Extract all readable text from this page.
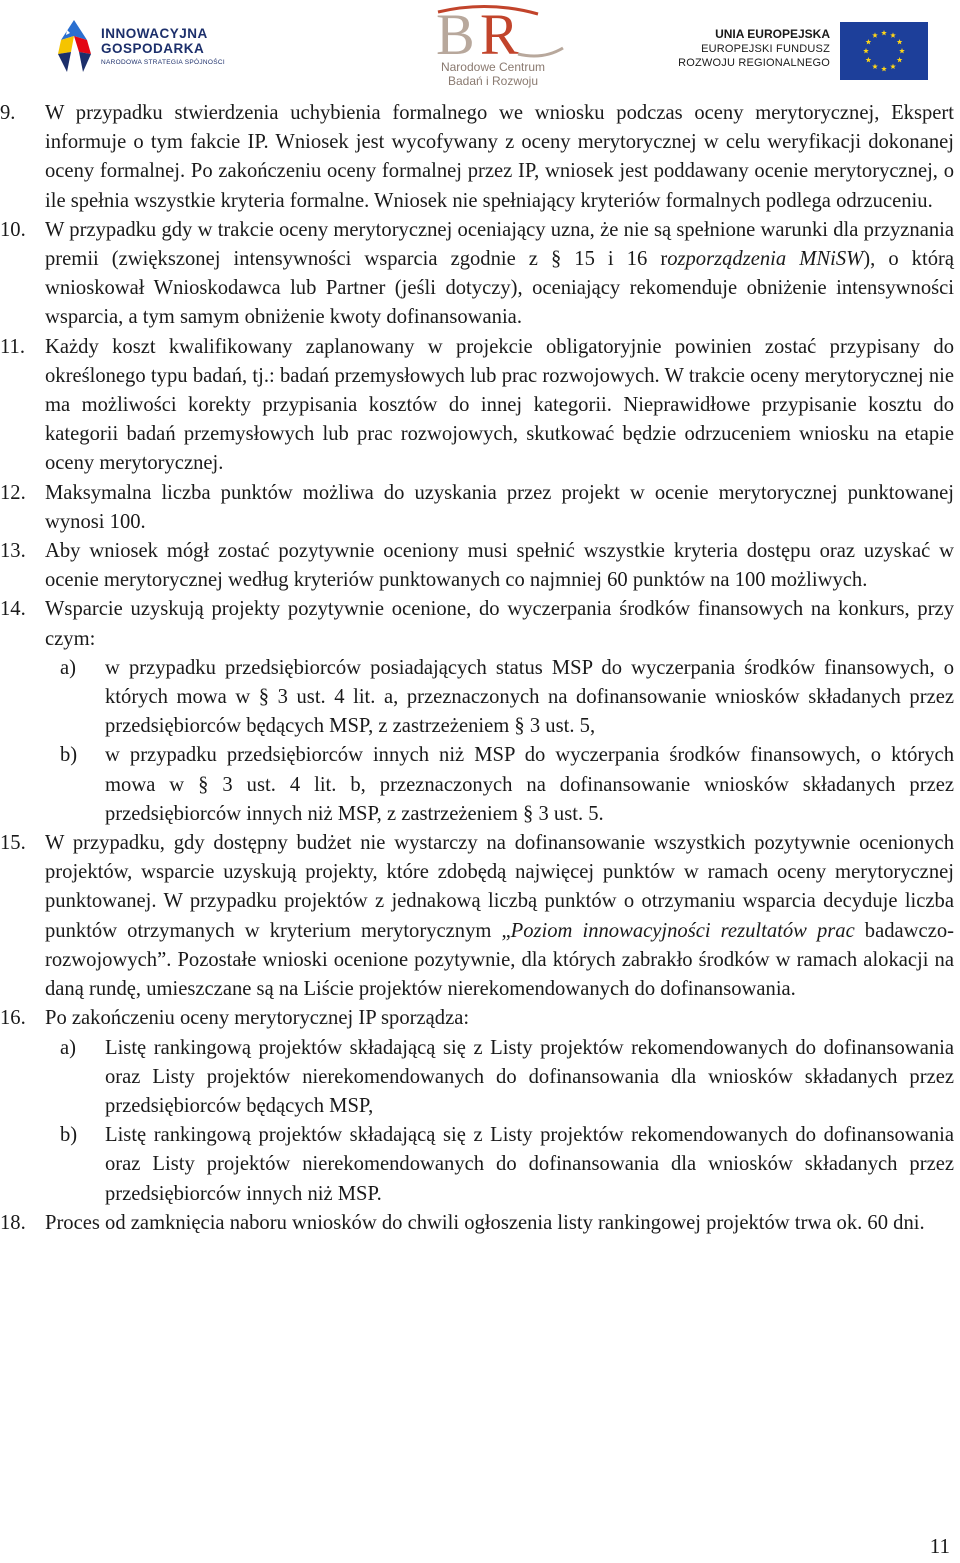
INNOWACYJNA
GOSPODARKA
NARODOWA STRATEGIA SPÓJNOŚCI	B R
Narodowe Centrum
Badań i Rozwoju
UNIA EUROPEJSKA
EUROPEJSKI FUNDUSZ
ROZWOJU REGIONALNEGO
9. W przypadku stwierdzenia uchybienia formalnego we wniosku podczas oceny merytorycznej, Ekspert informuje o tym fakcie IP. Wniosek jest wycofywany z oceny merytorycznej w celu weryfikacji dokonanej oceny formalnej. Po zakończeniu oceny formalnej przez IP, wniosek jest poddawany ocenie merytorycznej, o ile spełnia wszystkie kryteria formalne. Wniosek nie spełniający kryteriów formalnych podlega odrzuceniu.
10. W przypadku gdy w trakcie oceny merytorycznej oceniający uzna, że nie są spełnione warunki dla przyznania premii (zwiększonej intensywności wsparcia zgodnie z § 15 i 16 rozporządzenia MNiSW), o którą wnioskował Wnioskodawca lub Partner (jeśli dotyczy), oceniający rekomenduje obniżenie intensywności wsparcia, a tym samym obniżenie kwoty dofinansowania.
11. Każdy koszt kwalifikowany zaplanowany w projekcie obligatoryjnie powinien zostać przypisany do określonego typu badań, tj.: badań przemysłowych lub prac rozwojowych. W trakcie oceny merytorycznej nie ma możliwości korekty przypisania kosztów do innej kategorii. Nieprawidłowe przypisanie kosztu do kategorii badań przemysłowych lub prac rozwojowych, skutkować będzie odrzuceniem wniosku na etapie oceny merytorycznej.
12. Maksymalna liczba punktów możliwa do uzyskania przez projekt w ocenie merytorycznej punktowanej wynosi 100.
13. Aby wniosek mógł zostać pozytywnie oceniony musi spełnić wszystkie kryteria dostępu oraz uzyskać w ocenie merytorycznej według kryteriów punktowanych co najmniej 60 punktów na 100 możliwych.
14. Wsparcie uzyskują projekty pozytywnie ocenione, do wyczerpania środków finansowych na konkurs, przy czym:
a) w przypadku przedsiębiorców posiadających status MSP do wyczerpania środków finansowych, o których mowa w § 3 ust. 4 lit. a, przeznaczonych na dofinansowanie wniosków składanych przez przedsiębiorców będących MSP, z zastrzeżeniem § 3 ust. 5,
b) w przypadku przedsiębiorców innych niż MSP do wyczerpania środków finansowych, o których mowa w § 3 ust. 4 lit. b, przeznaczonych na dofinansowanie wniosków składanych przez przedsiębiorców innych niż MSP, z zastrzeżeniem § 3 ust. 5.
15. W przypadku, gdy dostępny budżet nie wystarczy na dofinansowanie wszystkich pozytywnie ocenionych projektów, wsparcie uzyskują projekty, które zdobędą najwięcej punktów w ramach oceny merytorycznej punktowanej. W przypadku projektów z jednakową liczbą punktów o otrzymaniu wsparcia decyduje liczba punktów otrzymanych w kryterium merytorycznym „Poziom innowacyjności rezultatów prac badawczo-rozwojowych”. Pozostałe wnioski ocenione pozytywnie, dla których zabrakło środków w ramach alokacji na daną rundę, umieszczane są na Liście projektów nierekomendowanych do dofinansowania.
16. Po zakończeniu oceny merytorycznej IP sporządza:
a) Listę rankingową projektów składającą się z Listy projektów rekomendowanych do dofinansowania oraz Listy projektów nierekomendowanych do dofinansowania dla wniosków składanych przez przedsiębiorców będących MSP,
b) Listę rankingową projektów składającą się z Listy projektów rekomendowanych do dofinansowania oraz Listy projektów nierekomendowanych do dofinansowania dla wniosków składanych przez przedsiębiorców innych niż MSP.
18. Proces od zamknięcia naboru wniosków do chwili ogłoszenia listy rankingowej projektów trwa ok. 60 dni.
11
